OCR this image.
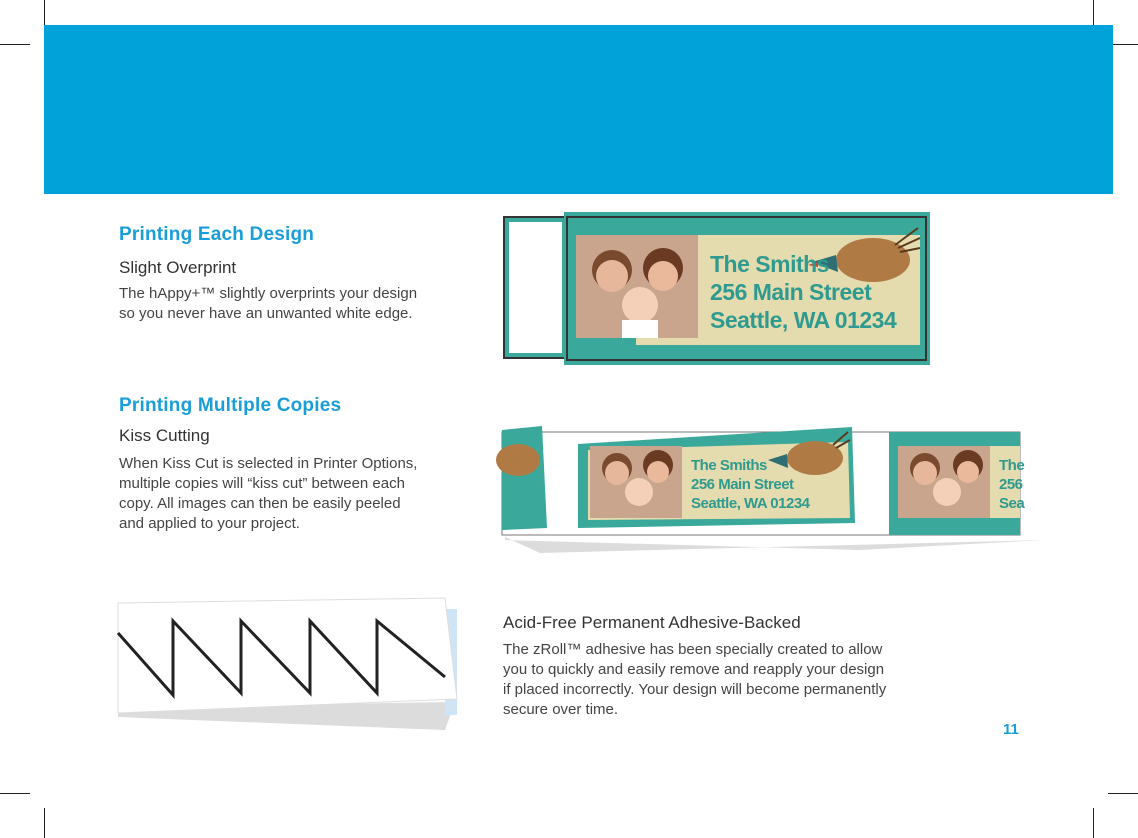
Printing Each Design

Slight Overprint

The hAppy+™ slightly overprints your design
so you never have an unwanted white edge.

The Smiths
256 Main Street
Seattle, WA 01234
Printing Multiple Copies

Kiss Cutting

When Kiss Cut is selected in Printer Options,
multiple copies will “kiss cut” between each
copy. All images can then be easily peeled
and applied to your project.

The Smiths
256 Main Street
Seattle, WA 01234
The
256
Sea

Acid-Free Permanent Adhesive-Backed

The zRoll™ adhesive has been specially created to allow
you to quickly and easily remove and reapply your design
if placed incorrectly. Your design will become permanently
secure over time.

11
